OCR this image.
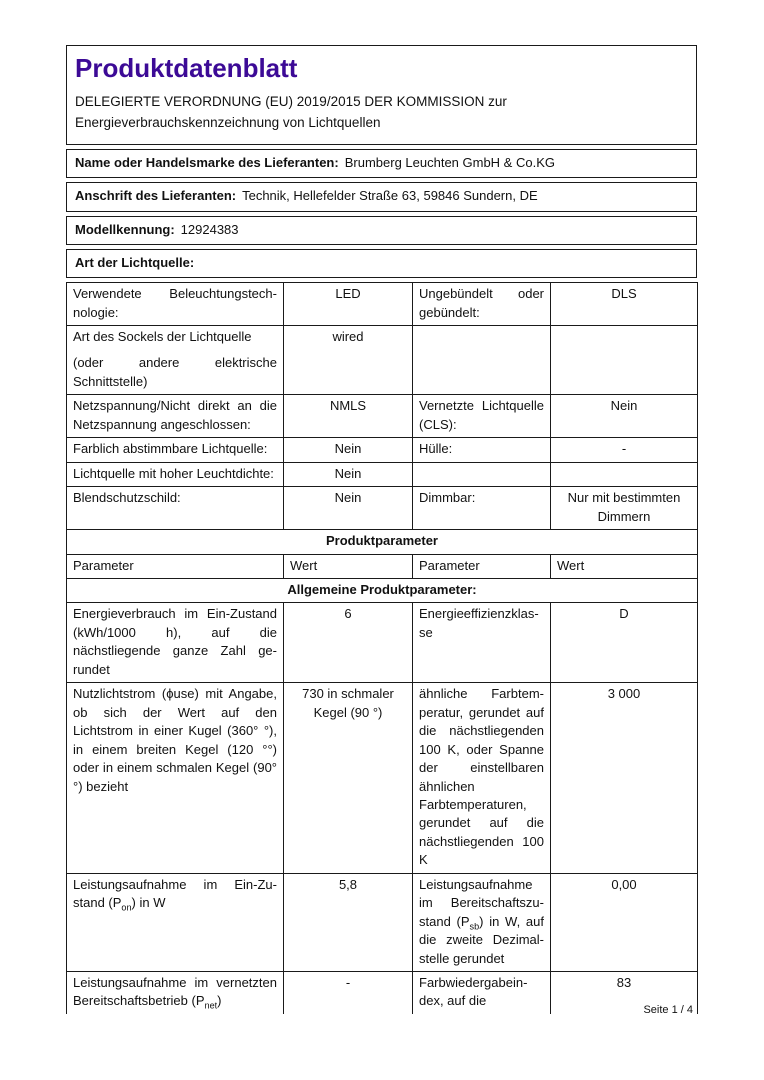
Produktdatenblatt
DELEGIERTE VERORDNUNG (EU) 2019/2015 DER KOMMISSION zur Energieverbrauchskennzeichnung von Lichtquellen
Name oder Handelsmarke des Lieferanten: Brumberg Leuchten GmbH & Co.KG
Anschrift des Lieferanten: Technik, Hellefelder Straße 63, 59846 Sundern, DE
Modellkennung: 12924383
Art der Lichtquelle:
Verwendete Beleuchtungstechnologie:	LED	Ungebündelt oder gebündelt:	DLS

Art des Sockels der Lichtquelle
(oder andere elektrische Schnittstelle)	wired		
Netzspannung/Nicht direkt an die Netzspannung angeschlossen:	NMLS	Vernetzte Lichtquelle (CLS):	Nein
Farblich abstimmbare Lichtquelle:	Nein	Hülle:	-
Lichtquelle mit hoher Leuchtdichte:	Nein		
Blendschutzschild:	Nein	Dimmbar:	Nur mit bestimmten Dimmern
Produktparameter			
Parameter	Wert	Parameter	Wert
Allgemeine Produktparameter:			
Energieverbrauch im Ein-Zustand (kWh/1000 h), auf die nächstliegende ganze Zahl gerundet	6	Energieeffizienzklasse	D
Nutzlichtstrom (ϕuse) mit Angabe, ob sich der Wert auf den Lichtstrom in einer Kugel (360° °), in einem breiten Kegel (120 °°) oder in einem schmalen Kegel (90° °) bezieht	730 in schmaler Kegel (90 °)	ähnliche Farbtemperatur, gerundet auf die nächstliegenden 100 K, oder Spanne der einstellbaren ähnlichen Farbtemperaturen, gerundet auf die nächstliegenden 100 K	3 000
Leistungsaufnahme im Ein-Zustand $(P_{on})$ in W	5,8	Leistungsaufnahme im Bereitschaftszustand $(P_{sb})$ in W, auf die zweite Dezimalstelle gerundet	0,00
Leistungsaufnahme im vernetzten Bereitschaftsbetrieb $(P_{net})$	-	Farbwiedergabeindex, auf die	83
Seite 1 / 4
